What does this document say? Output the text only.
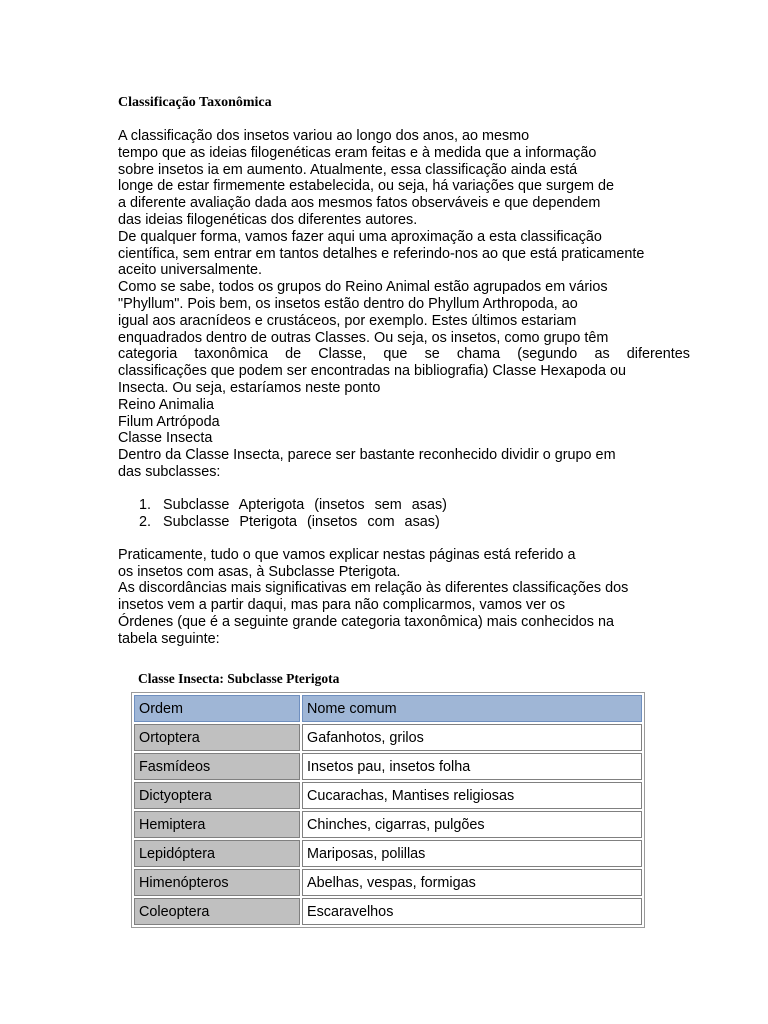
Classificação Taxonômica

A classificação dos insetos variou ao longo dos anos, ao mesmo
tempo que as ideias filogenéticas eram feitas e à medida que a informação
sobre insetos ia em aumento. Atualmente, essa classificação ainda está
longe de estar firmemente estabelecida, ou seja, há variações que surgem de
a diferente avaliação dada aos mesmos fatos observáveis e que dependem
das ideias filogenéticas dos diferentes autores.
De qualquer forma, vamos fazer aqui uma aproximação a esta classificação
científica, sem entrar em tantos detalhes e referindo-nos ao que está praticamente
aceito universalmente.
Como se sabe, todos os grupos do Reino Animal estão agrupados em vários
"Phyllum". Pois bem, os insetos estão dentro do Phyllum Arthropoda, ao
igual aos aracnídeos e crustáceos, por exemplo. Estes últimos estariam
enquadrados dentro de outras Classes. Ou seja, os insetos, como grupo têm
categoria taxonômica de Classe, que se chama (segundo as diferentes
classificações que podem ser encontradas na bibliografia) Classe Hexapoda ou
Insecta. Ou seja, estaríamos neste ponto
Reino Animalia
Filum Artrópoda
Classe Insecta
Dentro da Classe Insecta, parece ser bastante reconhecido dividir o grupo em
das subclasses:

1. Subclasse Apterigota (insetos sem asas)
2. Subclasse Pterigota (insetos com asas)

Praticamente, tudo o que vamos explicar nestas páginas está referido a
os insetos com asas, à Subclasse Pterigota.
As discordâncias mais significativas em relação às diferentes classificações dos
insetos vem a partir daqui, mas para não complicarmos, vamos ver os
Órdenes (que é a seguinte grande categoria taxonômica) mais conhecidos na
tabela seguinte:

Classe Insecta: Subclasse Pterigota
Ordem	Nome comum
Ortoptera	Gafanhotos, grilos
Fasmídeos	Insetos pau, insetos folha
Dictyoptera	Cucarachas, Mantises religiosas
Hemiptera	Chinches, cigarras, pulgões
Lepidóptera	Mariposas, polillas
Himenópteros	Abelhas, vespas, formigas
Coleoptera	Escaravelhos
